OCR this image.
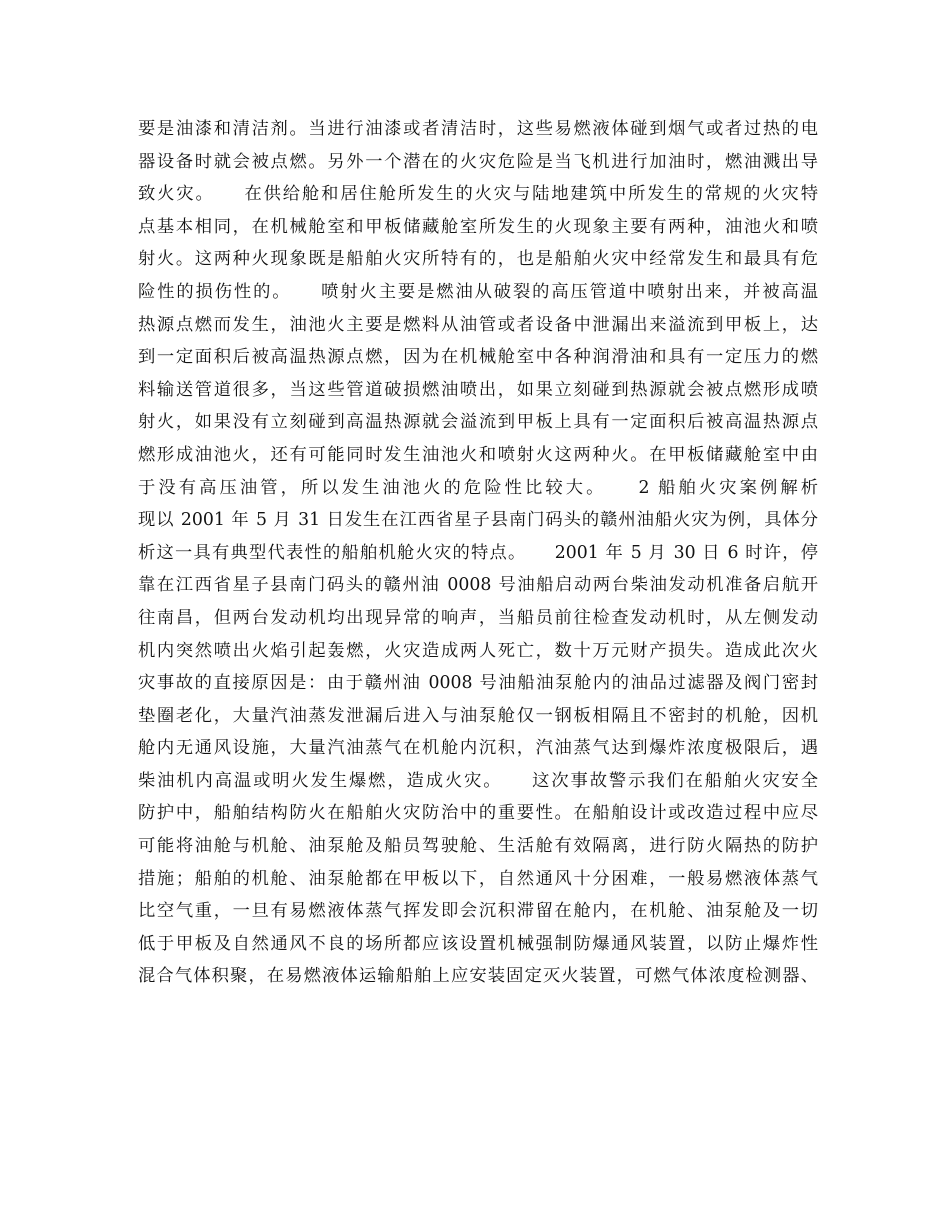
要是油漆和清洁剂。当进行油漆或者清洁时，这些易燃液体碰到烟气或者过热的电
器设备时就会被点燃。另外一个潜在的火灾危险是当飞机进行加油时，燃油溅出导
致火灾。　　在供给舱和居住舱所发生的火灾与陆地建筑中所发生的常规的火灾特
点基本相同，在机械舱室和甲板储藏舱室所发生的火现象主要有两种，油池火和喷
射火。这两种火现象既是船舶火灾所特有的，也是船舶火灾中经常发生和最具有危
险性的损伤性的。　　喷射火主要是燃油从破裂的高压管道中喷射出来，并被高温
热源点燃而发生，油池火主要是燃料从油管或者设备中泄漏出来溢流到甲板上，达
到一定面积后被高温热源点燃，因为在机械舱室中各种润滑油和具有一定压力的燃
料输送管道很多，当这些管道破损燃油喷出，如果立刻碰到热源就会被点燃形成喷
射火，如果没有立刻碰到高温热源就会溢流到甲板上具有一定面积后被高温热源点
燃形成油池火，还有可能同时发生油池火和喷射火这两种火。在甲板储藏舱室中由
于没有高压油管，所以发生油池火的危险性比较大。　　2 船舶火灾案例解析
现以 2001 年 5 月 31 日发生在江西省星子县南门码头的赣州油船火灾为例，具体分
析这一具有典型代表性的船舶机舱火灾的特点。　　2001 年 5 月 30 日 6 时许，停
靠在江西省星子县南门码头的赣州油 0008 号油船启动两台柴油发动机准备启航开
往南昌，但两台发动机均出现异常的响声，当船员前往检查发动机时，从左侧发动
机内突然喷出火焰引起轰燃，火灾造成两人死亡，数十万元财产损失。造成此次火
灾事故的直接原因是：由于赣州油 0008 号油船油泵舱内的油品过滤器及阀门密封
垫圈老化，大量汽油蒸发泄漏后进入与油泵舱仅一钢板相隔且不密封的机舱，因机
舱内无通风设施，大量汽油蒸气在机舱内沉积，汽油蒸气达到爆炸浓度极限后，遇
柴油机内高温或明火发生爆燃，造成火灾。　　这次事故警示我们在船舶火灾安全
防护中，船舶结构防火在船舶火灾防治中的重要性。在船舶设计或改造过程中应尽
可能将油舱与机舱、油泵舱及船员驾驶舱、生活舱有效隔离，进行防火隔热的防护
措施；船舶的机舱、油泵舱都在甲板以下，自然通风十分困难，一般易燃液体蒸气
比空气重，一旦有易燃液体蒸气挥发即会沉积滞留在舱内，在机舱、油泵舱及一切
低于甲板及自然通风不良的场所都应该设置机械强制防爆通风装置，以防止爆炸性
混合气体积聚，在易燃液体运输船舶上应安装固定灭火装置，可燃气体浓度检测器、
